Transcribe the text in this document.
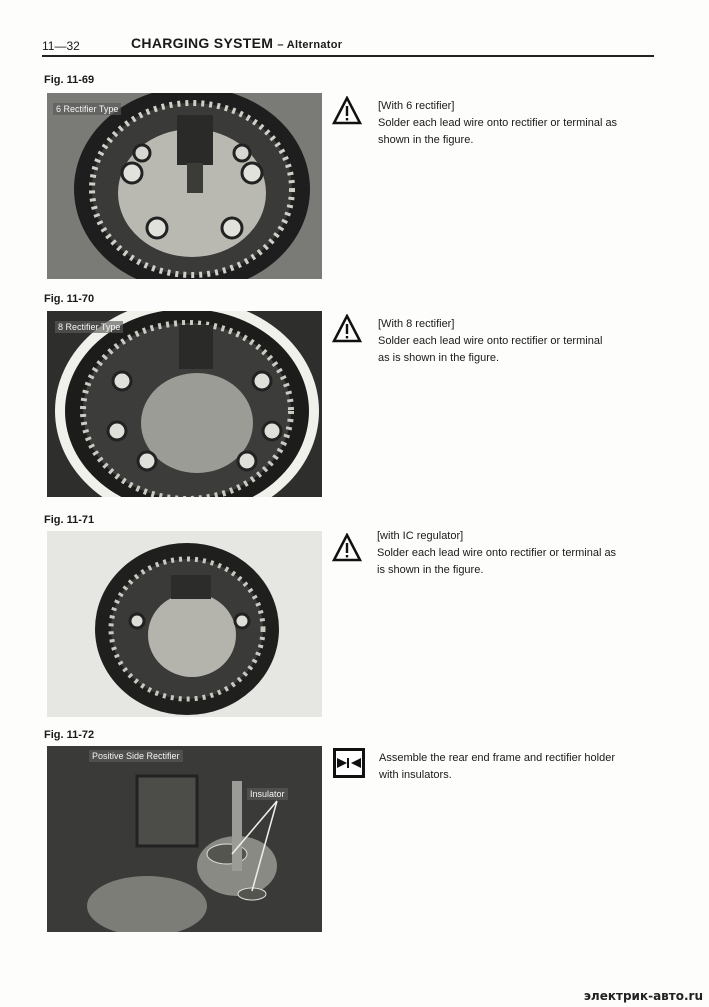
11—32	CHARGING SYSTEM – Alternator
Fig. 11-69
6 Rectifier Type	[With 6 rectifier]
Solder each lead wire onto rectifier or terminal as
shown in the figure.
Fig. 11-70
8 Rectifier Type	[With 8 rectifier]
Solder each lead wire onto rectifier or terminal
as is shown in the figure.
Fig. 11-71
[with IC regulator]
Solder each lead wire onto rectifier or terminal as
is shown in the figure.
Fig. 11-72
Positive Side Rectifier
Insulator
Assemble the rear end frame and rectifier holder
with insulators.
электрик-авто.ru
